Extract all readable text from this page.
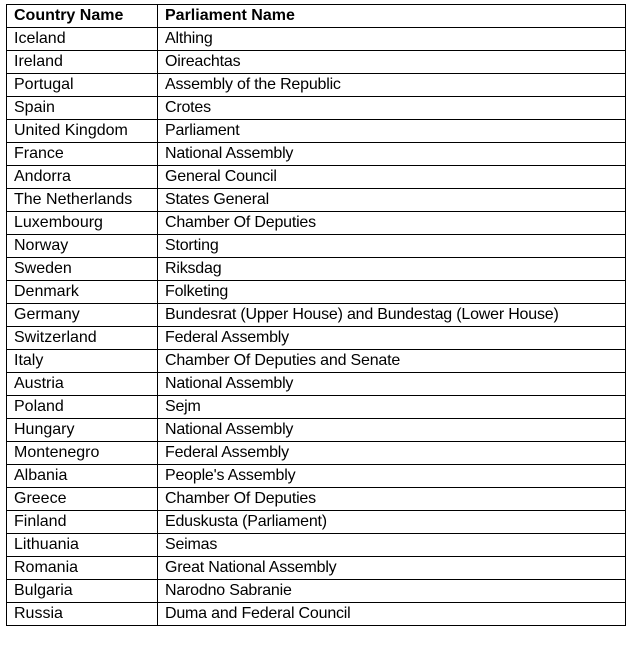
Country Name	Parliament Name
Iceland	Althing
Ireland	Oireachtas
Portugal	Assembly of the Republic
Spain	Crotes
United Kingdom	Parliament
France	National Assembly
Andorra	General Council
The Netherlands	States General
Luxembourg	Chamber Of Deputies
Norway	Storting
Sweden	Riksdag
Denmark	Folketing
Germany	Bundesrat (Upper House) and Bundestag (Lower House)
Switzerland	Federal Assembly
Italy	Chamber Of Deputies and Senate
Austria	National Assembly
Poland	Sejm
Hungary	National Assembly
Montenegro	Federal Assembly
Albania	People's Assembly
Greece	Chamber Of Deputies
Finland	Eduskusta (Parliament)
Lithuania	Seimas
Romania	Great National Assembly
Bulgaria	Narodno Sabranie
Russia	Duma and Federal Council
